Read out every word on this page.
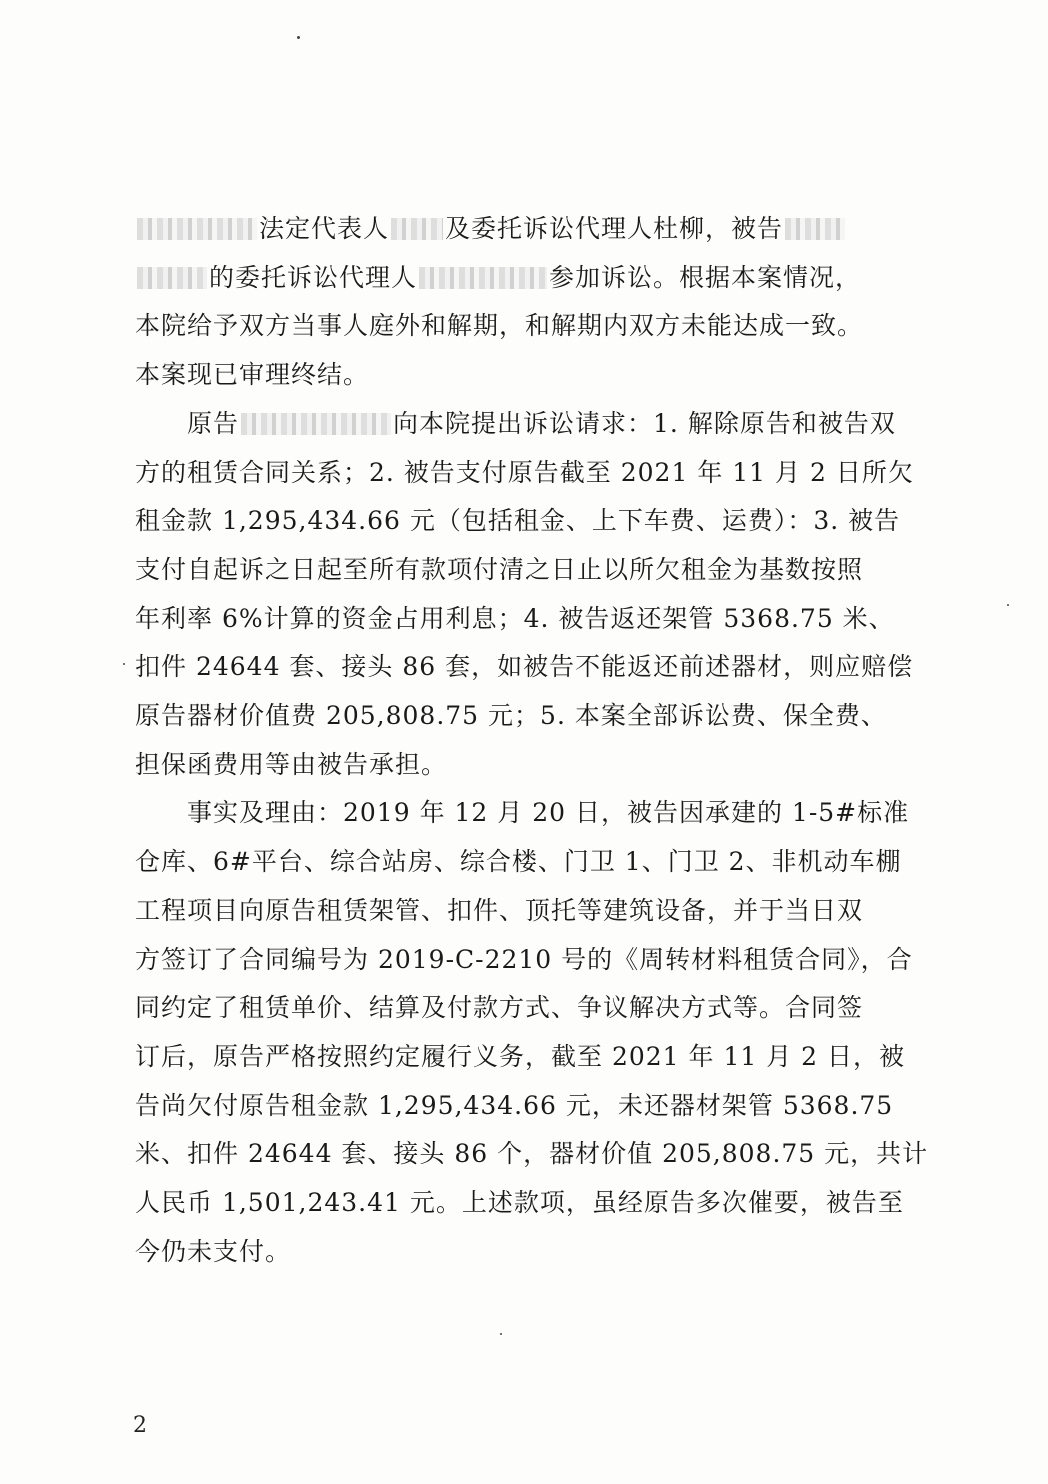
法定代表人 及委托诉讼代理人杜柳，被告
的委托诉讼代理人	参加诉讼。根据本案情况，
本院给予双方当事人庭外和解期，和解期内双方未能达成一致。
本案现已审理终结。

原告	向本院提出诉讼请求：1. 解除原告和被告双
方的租赁合同关系；2. 被告支付原告截至 2021 年 11 月 2 日所欠
租金款 1,295,434.66 元（包括租金、上下车费、运费）：3. 被告
支付自起诉之日起至所有款项付清之日止以所欠租金为基数按照
年利率 6%计算的资金占用利息；4. 被告返还架管 5368.75 米、
扣件 24644 套、接头 86 套，如被告不能返还前述器材，则应赔偿
原告器材价值费 205,808.75 元；5. 本案全部诉讼费、保全费、
担保函费用等由被告承担。

事实及理由：2019 年 12 月 20 日，被告因承建的 1-5#标准
仓库、6#平台、综合站房、综合楼、门卫 1、门卫 2、非机动车棚
工程项目向原告租赁架管、扣件、顶托等建筑设备，并于当日双
方签订了合同编号为 2019-C-2210 号的《周转材料租赁合同》，合
同约定了租赁单价、结算及付款方式、争议解决方式等。合同签
订后，原告严格按照约定履行义务，截至 2021 年 11 月 2 日，被
告尚欠付原告租金款 1,295,434.66 元，未还器材架管 5368.75
米、扣件 24644 套、接头 86 个，器材价值 205,808.75 元，共计
人民币 1,501,243.41 元。上述款项，虽经原告多次催要，被告至
今仍未支付。

2
